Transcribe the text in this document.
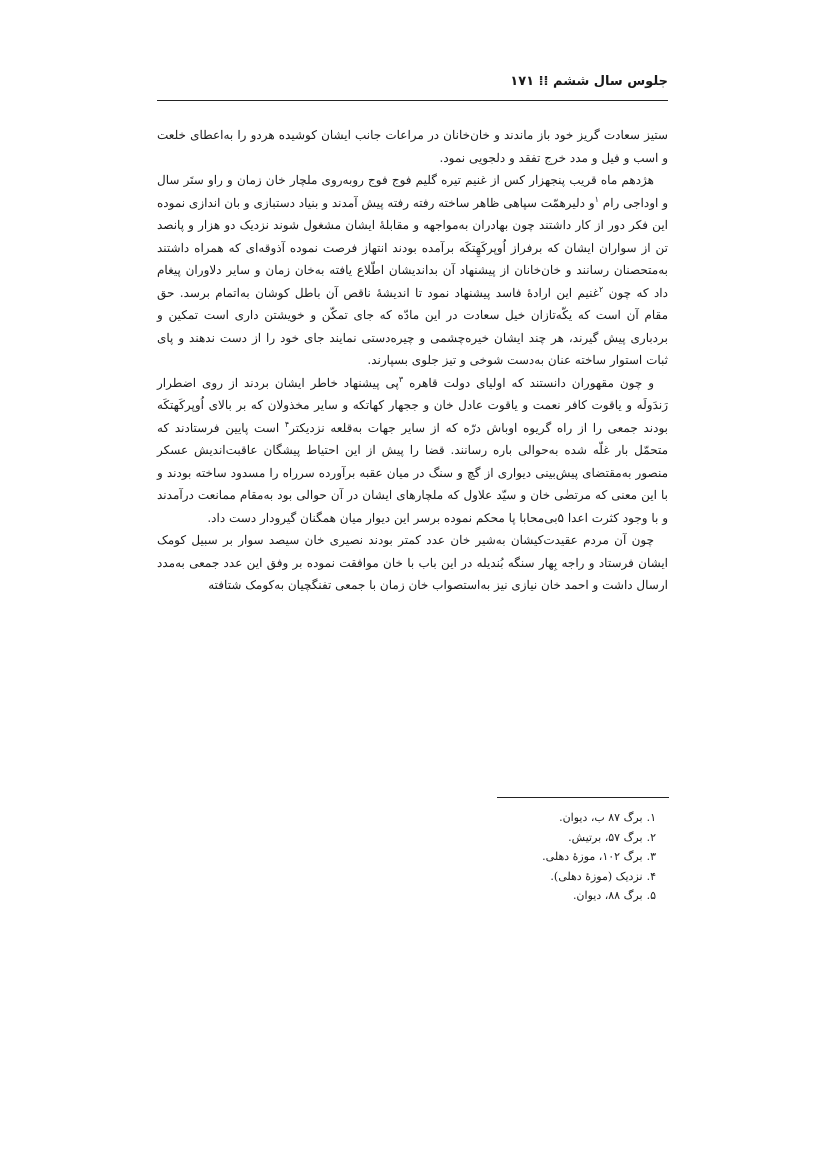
جلوس سال ششم ⁞⁞ ۱۷۱

ستیز سعادت گریز خود باز ماندند و خان‌خانان در مراعات جانب ایشان کوشیده هردو را به‌اعطای خلعت و اسب و فیل و مدد خرج تفقد و دلجویی نمود.

هژدهم ماه قریب پنجهزار کس از غنیم تیره گلیم فوج فوج روبه‌روی ملچار خان زمان و راو ستَر سال و اوداجی رام $^۱$و دلیرهمّت سپاهی ظاهر ساخته رفته رفته پیش آمدند و بنیاد دستبازی و بان اندازی نموده این فکر دور از کار داشتند چون بهادران به‌مواجهه و مقابلهٔ ایشان مشغول شوند نزدیک دو هزار و پانصد تن از سواران ایشان که برفراز اُوپرکَهِتکَه برآمده بودند انتهاز فرصت نموده آذوقه‌ای که همراه داشتند به‌متحصنان رسانند و خان‌خانان از پیشنهاد آن بداندیشان اطّلاع یافته به‌خان زمان و سایر دلاوران پیغام داد که چون $^۲$غنیم این ارادهٔ فاسد پیشنهاد نمود تا اندیشهٔ ناقص آن باطل کوشان به‌اتمام برسد. حق مقام آن است که یکّه‌تازان خیل سعادت در این مادّه که جای تمکّن و خویشتن داری است تمکین و بردباری پیش گیرند، هر چند ایشان خیره‌چشمی و چیره‌دستی نمایند جای خود را از دست ندهند و پای ثبات استوار ساخته عنان به‌دست شوخی و تیز جلوی بسپارند.

و چون مقهوران دانستند که اولیای دولت قاهره $^۳$پی پیشنهاد خاطر ایشان بردند از روی اضطرار رَندَولَه و یاقوت کافر نعمت و یاقوت عادل خان و ججهار کهاتکه و سایر مخذولان که بر بالای اُوپرکَهتکَه بودند جمعی را از راه گریوه اوباش درّه که از سایر جهات به‌قلعه نزدیکتر$^۴$ است پایین فرستادند که متحمّل بار غلّه شده به‌حوالی باره رسانند. قضا را پیش از این احتیاط پیشگان عاقبت‌اندیش عسکر منصور به‌مقتضای پیش‌بینی دیواری از گچ و سنگ در میان عقبه برآورده سرراه را مسدود ساخته بودند و با این معنی که مرتضٰی خان و سیّد علاول که ملچارهای ایشان در آن حوالی بود به‌مقام ممانعت درآمدند و با وجود کثرت اعدا ۵بی‌محابا پا محکم نموده برسر این دیوار میان همگنان گیرودار دست داد.

چون آن مردم عقیدت‌کیشان به‌شیر خان عدد کمتر بودند نصیری خان سیصد سوار بر سبیل کومک ایشان فرستاد و راجه بِهار سنگه بُندیله در این باب با خان موافقت نموده بر وفق این عدد جمعی به‌مدد ارسال داشت و احمد خان نیازی نیز به‌استصواب خان زمان با جمعی تفنگچیان به‌کومک شتافته

۱.برگ ۸۷ ب، دیوان.

۲.برگ ۵۷، برتیش.

۳.برگ ۱۰۲، موزهٔ دهلی.

۴.نزدیک (موزهٔ دهلی).

۵.برگ ۸۸، دیوان.
